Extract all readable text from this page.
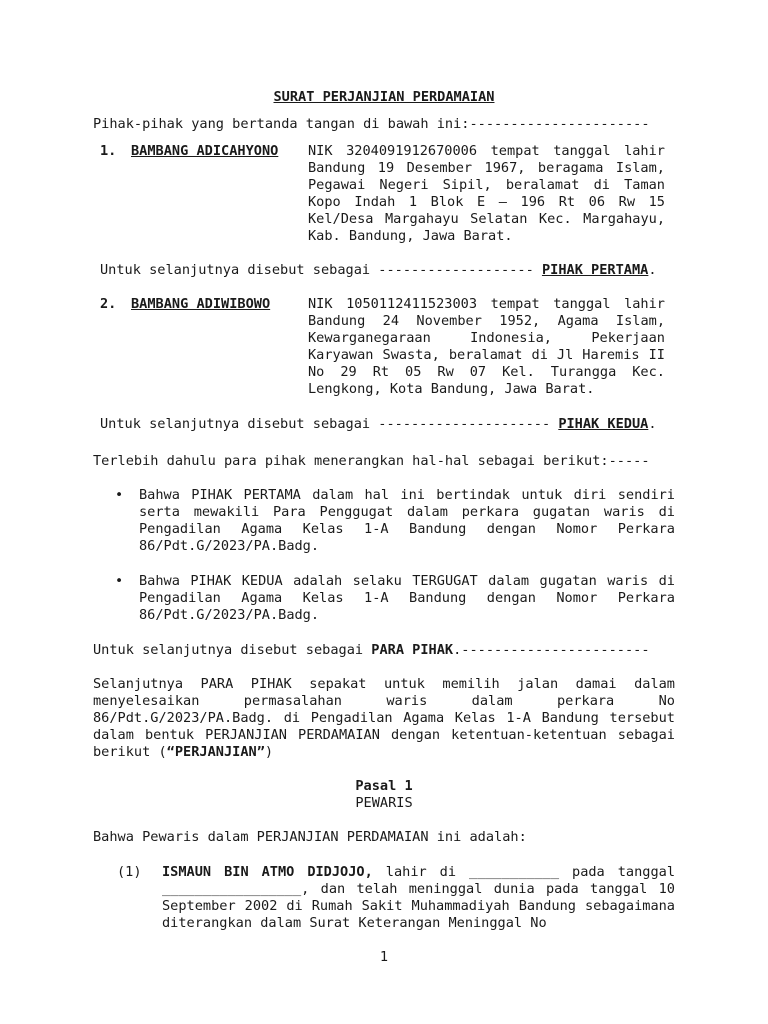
SURAT PERJANJIAN PERDAMAIAN
Pihak-pihak yang bertanda tangan di bawah ini:----------------------
1.	BAMBANG ADICAHYONO	NIK 3204091912670006 tempat tanggal lahir Bandung 19 Desember 1967, beragama Islam, Pegawai Negeri Sipil, beralamat di Taman Kopo Indah 1 Blok E – 196 Rt 06 Rw 15 Kel/Desa Margahayu Selatan Kec. Margahayu, Kab. Bandung, Jawa Barat.
Untuk selanjutnya disebut sebagai ------------------- PIHAK PERTAMA.
2.	BAMBANG ADIWIBOWO	NIK 1050112411523003 tempat tanggal lahir Bandung 24 November 1952, Agama Islam, Kewarganegaraan Indonesia, Pekerjaan Karyawan Swasta, beralamat di Jl Haremis II No 29 Rt 05 Rw 07 Kel. Turangga Kec. Lengkong, Kota Bandung, Jawa Barat.
Untuk selanjutnya disebut sebagai --------------------- PIHAK KEDUA.
Terlebih dahulu para pihak menerangkan hal-hal sebagai berikut:-----
• Bahwa PIHAK PERTAMA dalam hal ini bertindak untuk diri sendiri serta mewakili Para Penggugat dalam perkara gugatan waris di Pengadilan Agama Kelas 1-A Bandung dengan Nomor Perkara 86/Pdt.G/2023/PA.Badg.
• Bahwa PIHAK KEDUA adalah selaku TERGUGAT dalam gugatan waris di Pengadilan Agama Kelas 1-A Bandung dengan Nomor Perkara 86/Pdt.G/2023/PA.Badg.
Untuk selanjutnya disebut sebagai PARA PIHAK.-----------------------
Selanjutnya PARA PIHAK sepakat untuk memilih jalan damai dalam menyelesaikan permasalahan waris dalam perkara No 86/Pdt.G/2023/PA.Badg. di Pengadilan Agama Kelas 1-A Bandung tersebut dalam bentuk PERJANJIAN PERDAMAIAN dengan ketentuan-ketentuan sebagai berikut (“PERJANJIAN”)
Pasal 1
PEWARIS
Bahwa Pewaris dalam PERJANJIAN PERDAMAIAN ini adalah:
(1)	ISMAUN BIN ATMO DIDJOJO, lahir di ___________ pada tanggal _________________, dan telah meninggal dunia pada tanggal 10 September 2002 di Rumah Sakit Muhammadiyah Bandung sebagaimana diterangkan dalam Surat Keterangan Meninggal No
1
